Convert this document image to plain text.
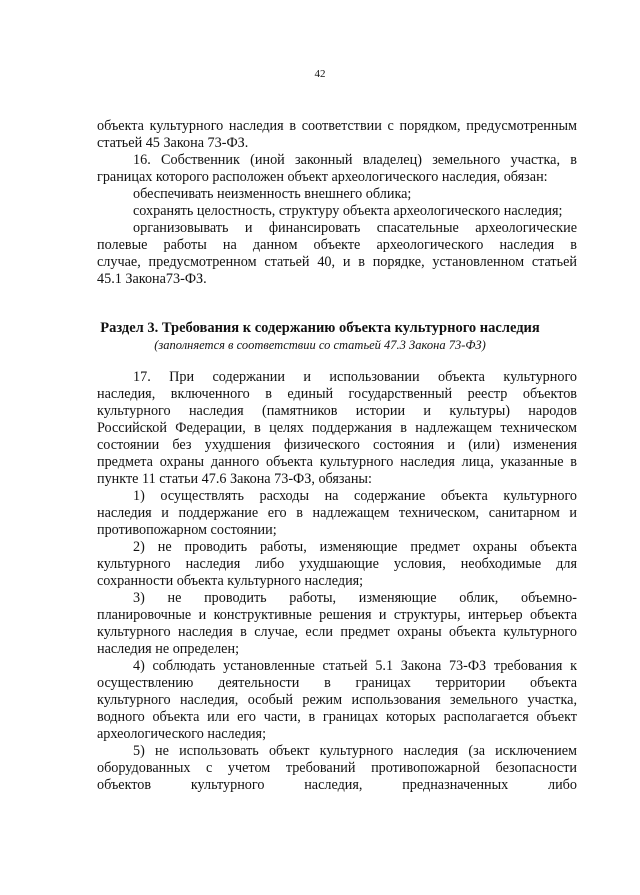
42
объекта культурного наследия в соответствии с порядком, предусмотренным
статьей 45 Закона 73-ФЗ.
16. Собственник (иной законный владелец) земельного участка, в
границах которого расположен объект археологического наследия, обязан:
обеспечивать неизменность внешнего облика;
сохранять целостность, структуру объекта археологического наследия;
организовывать и финансировать спасательные археологические
полевые работы на данном объекте археологического наследия в
случае, предусмотренном статьей 40, и в порядке, установленном статьей
45.1 Закона73-ФЗ.
Раздел 3. Требования к содержанию объекта культурного наследия
(заполняется в соответствии со статьей 47.3 Закона 73-ФЗ)
17. При содержании и использовании объекта культурного
наследия, включенного в единый государственный реестр объектов
культурного наследия (памятников истории и культуры) народов
Российской Федерации, в целях поддержания в надлежащем техническом
состоянии без ухудшения физического состояния и (или) изменения
предмета охраны данного объекта культурного наследия лица, указанные в
пункте 11 статьи 47.6 Закона 73-ФЗ, обязаны:
1) осуществлять расходы на содержание объекта культурного
наследия и поддержание его в надлежащем техническом, санитарном и
противопожарном состоянии;
2) не проводить работы, изменяющие предмет охраны объекта
культурного наследия либо ухудшающие условия, необходимые для
сохранности объекта культурного наследия;
3) не проводить работы, изменяющие облик, объемно-
планировочные и конструктивные решения и структуры, интерьер объекта
культурного наследия в случае, если предмет охраны объекта культурного
наследия не определен;
4) соблюдать установленные статьей 5.1 Закона 73-ФЗ требования к
осуществлению деятельности в границах территории объекта
культурного наследия, особый режим использования земельного участка,
водного объекта или его части, в границах которых располагается объект
археологического наследия;
5) не использовать объект культурного наследия (за исключением
оборудованных с учетом требований противопожарной безопасности
объектов культурного наследия, предназначенных либо
